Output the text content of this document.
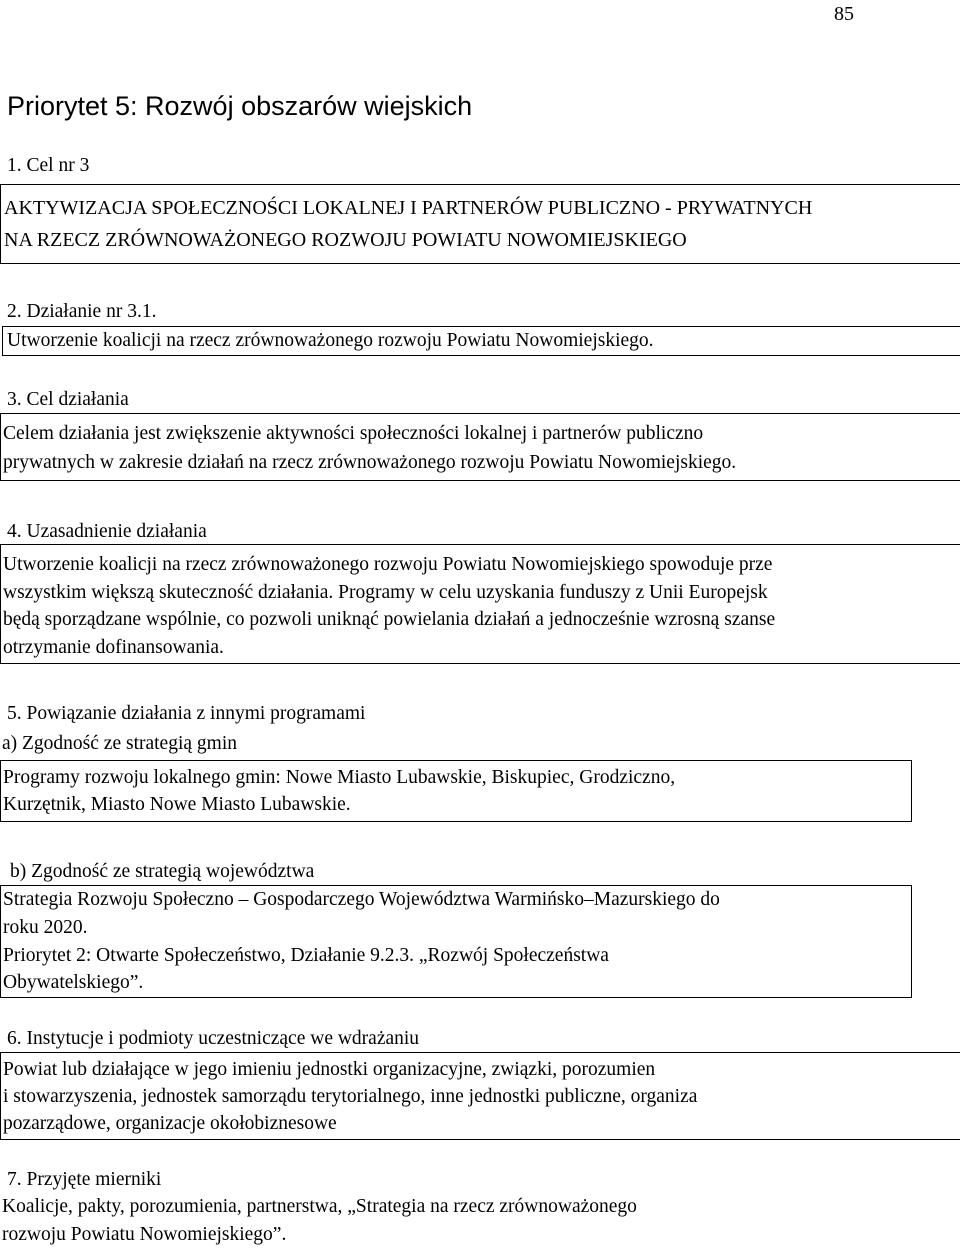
85
Priorytet 5: Rozwój obszarów wiejskich
1. Cel nr 3
AKTYWIZACJA SPOŁECZNOŚCI LOKALNEJ I PARTNERÓW PUBLICZNO - PRYWATNYCH
NA RZECZ ZRÓWNOWAŻONEGO ROZWOJU POWIATU NOWOMIEJSKIEGO
2. Działanie nr 3.1.
Utworzenie koalicji na rzecz zrównoważonego rozwoju Powiatu Nowomiejskiego.
3. Cel działania
Celem działania jest zwiększenie aktywności społeczności lokalnej i partnerów publiczno
prywatnych w zakresie działań na rzecz zrównoważonego rozwoju Powiatu Nowomiejskiego.
4. Uzasadnienie działania
Utworzenie koalicji na rzecz zrównoważonego rozwoju Powiatu Nowomiejskiego spowoduje prze
wszystkim większą skuteczność działania. Programy w celu uzyskania funduszy z Unii Europejsk
będą sporządzane wspólnie, co pozwoli uniknąć powielania działań a jednocześnie wzrosną szanse
otrzymanie dofinansowania.
5. Powiązanie działania z innymi programami
a) Zgodność ze strategią gmin
Programy rozwoju lokalnego gmin: Nowe Miasto Lubawskie, Biskupiec, Grodziczno,
Kurzętnik, Miasto Nowe Miasto Lubawskie.
b) Zgodność ze strategią województwa
Strategia Rozwoju Społeczno – Gospodarczego Województwa Warmińsko–Mazurskiego do
roku 2020.
Priorytet 2: Otwarte Społeczeństwo, Działanie 9.2.3. „Rozwój Społeczeństwa
Obywatelskiego”.
6. Instytucje i podmioty uczestniczące we wdrażaniu
Powiat lub działające w jego imieniu jednostki organizacyjne, związki, porozumien
i stowarzyszenia, jednostek samorządu terytorialnego, inne jednostki publiczne, organiza
pozarządowe, organizacje okołobiznesowe
7. Przyjęte mierniki
Koalicje, pakty, porozumienia, partnerstwa, „Strategia na rzecz zrównoważonego
rozwoju Powiatu Nowomiejskiego”.
